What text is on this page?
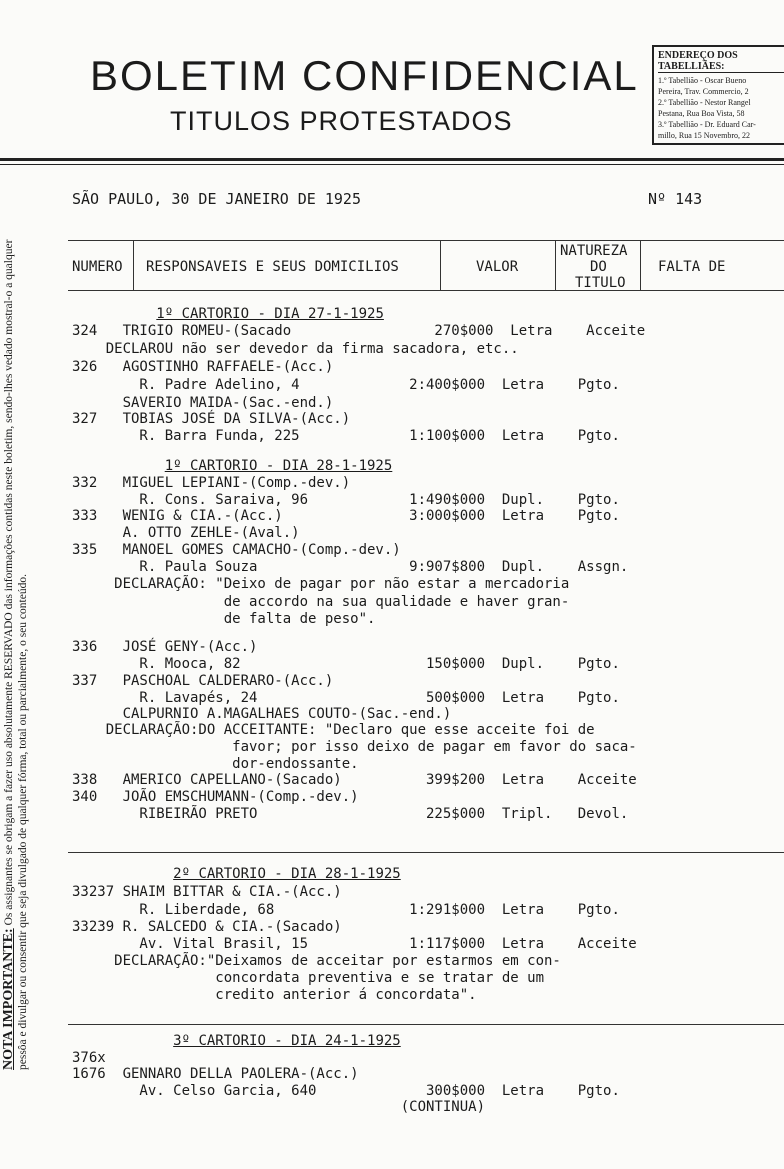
BOLETIM CONFIDENCIAL
TITULOS PROTESTADOS
ENDEREÇO DOS TABELLIÃES:
1.º Tabellião - Oscar Bueno
Pereira, Trav. Commercio, 2
2.º Tabellião - Nestor Rangel
Pestana, Rua Boa Vista, 58
3.º Tabellião - Dr. Eduard Car-
millo, Rua 15 Novembro, 22
SÃO PAULO, 30 DE JANEIRO DE 1925	Nº 143
NUMERO RESPONSAVEIS E SEUS DOMICILIOS	VALOR
NATUREZA
DO
TITULO
FALTA DE
1º CARTORIO - DIA 27-1-1925
324   TRIGIO ROMEU-(Sacado                 270$000  Letra    Acceite
DECLAROU não ser devedor da firma sacadora, etc..
326   AGOSTINHO RAFFAELE-(Acc.)
R. Padre Adelino, 4             2:400$000  Letra    Pgto.
SAVERIO MAIDA-(Sac.-end.)
327   TOBIAS JOSÉ DA SILVA-(Acc.)
R. Barra Funda, 225             1:100$000  Letra    Pgto.
1º CARTORIO - DIA 28-1-1925
332   MIGUEL LEPIANI-(Comp.-dev.)
R. Cons. Saraiva, 96            1:490$000  Dupl.    Pgto.
333   WENIG & CIA.-(Acc.)               3:000$000  Letra    Pgto.
A. OTTO ZEHLE-(Aval.)
335   MANOEL GOMES CAMACHO-(Comp.-dev.)
R. Paula Souza                  9:907$800  Dupl.    Assgn.
DECLARAÇÃO: "Deixo de pagar por não estar a mercadoria
de accordo na sua qualidade e haver gran-
de falta de peso".
336   JOSÉ GENY-(Acc.)
R. Mooca, 82                      150$000  Dupl.    Pgto.
337   PASCHOAL CALDERARO-(Acc.)
R. Lavapés, 24                    500$000  Letra    Pgto.
CALPURNIO A.MAGALHAES COUTO-(Sac.-end.)
DECLARAÇÃO:DO ACCEITANTE: "Declaro que esse acceite foi de
favor; por isso deixo de pagar em favor do saca-
dor-endossante.
338   AMERICO CAPELLANO-(Sacado)          399$200  Letra    Acceite
340   JOÃO EMSCHUMANN-(Comp.-dev.)
RIBEIRÃO PRETO                    225$000  Tripl.   Devol.
2º CARTORIO - DIA 28-1-1925
33237 SHAIM BITTAR & CIA.-(Acc.)
R. Liberdade, 68                1:291$000  Letra    Pgto.
33239 R. SALCEDO & CIA.-(Sacado)
Av. Vital Brasil, 15            1:117$000  Letra    Acceite
DECLARAÇÃO:"Deixamos de acceitar por estarmos em con-
concordata preventiva e se tratar de um
credito anterior á concordata".
3º CARTORIO - DIA 24-1-1925
376x
1676  GENNARO DELLA PAOLERA-(Acc.)
Av. Celso Garcia, 640             300$000  Letra    Pgto.
(CONTINUA)
NOTA IMPORTANTE: Os assignantes se obrigam a fazer uso absolutamente RESERVADO das informações contidas neste boletim, sendo-lhes vedado mostral-o a qualquer pessôa e divulgar ou consentir que seja divulgado de qualquer fórma, total ou parcialmente, o seu conteúdo.
